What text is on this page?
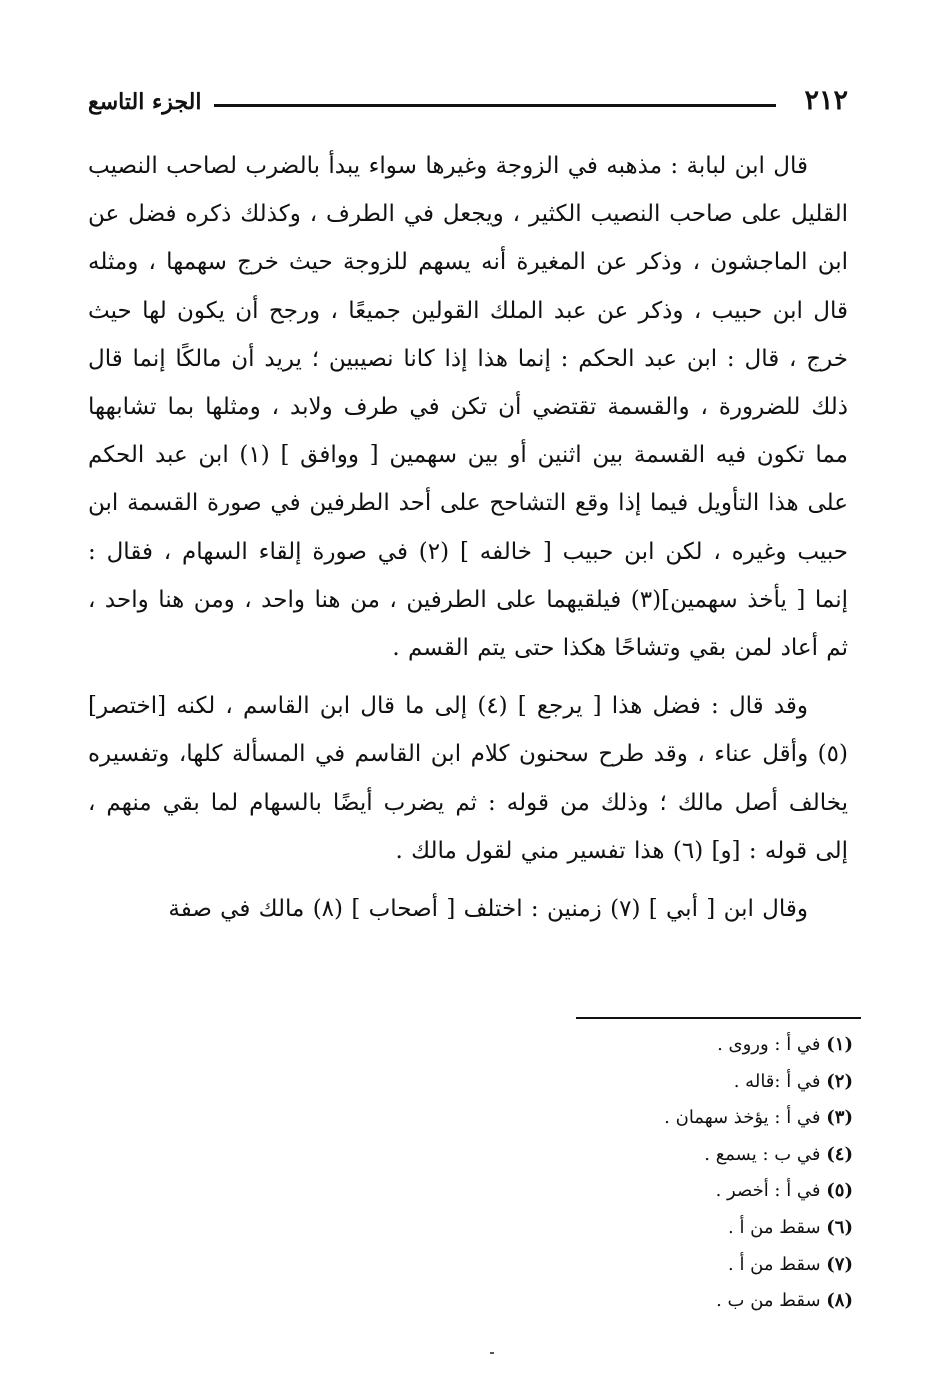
٢١٢
الجزء التاسع

قال ابن لبابة : مذهبه في الزوجة وغيرها سواء يبدأ بالضرب لصاحب النصيب القليل على صاحب النصيب الكثير ، ويجعل في الطرف ، وكذلك ذكره فضل عن ابن الماجشون ، وذكر عن المغيرة أنه يسهم للزوجة حيث خرج سهمها ، ومثله قال ابن حبيب ، وذكر عن عبد الملك القولين جميعًا ، ورجح أن يكون لها حيث خرج ، قال : ابن عبد الحكم : إنما هذا إذا كانا نصيبين ؛ يريد أن مالكًا إنما قال ذلك للضرورة ، والقسمة تقتضي أن تكن في طرف ولابد ، ومثلها بما تشابهها مما تكون فيه القسمة بين اثنين أو بين سهمين [ ووافق ] (١) ابن عبد الحكم على هذا التأويل فيما إذا وقع التشاحح على أحد الطرفين في صورة القسمة ابن حبيب وغيره ، لكن ابن حبيب [ خالفه ] (٢) في صورة إلقاء السهام ، فقال : إنما [ يأخذ سهمين](٣) فيلقيهما على الطرفين ، من هنا واحد ، ومن هنا واحد ، ثم أعاد لمن بقي وتشاحًا هكذا حتى يتم القسم .

وقد قال : فضل هذا [ يرجع ] (٤) إلى ما قال ابن القاسم ، لكنه [اختصر](٥) وأقل عناء ، وقد طرح سحنون كلام ابن القاسم في المسألة كلها، وتفسيره يخالف أصل مالك ؛ وذلك من قوله : ثم يضرب أيضًا بالسهام لما بقي منهم ، إلى قوله : [و] (٦) هذا تفسير مني لقول مالك .

وقال ابن [ أبي ] (٧) زمنين : اختلف [ أصحاب ] (٨) مالك في صفة

(١) في أ : وروى .
(٢) في أ :قاله .
(٣) في أ : يؤخذ سهمان .
(٤) في ب : يسمع .
(٥) في أ : أخصر .
(٦) سقط من أ .
(٧) سقط من أ .
(٨) سقط من ب .
